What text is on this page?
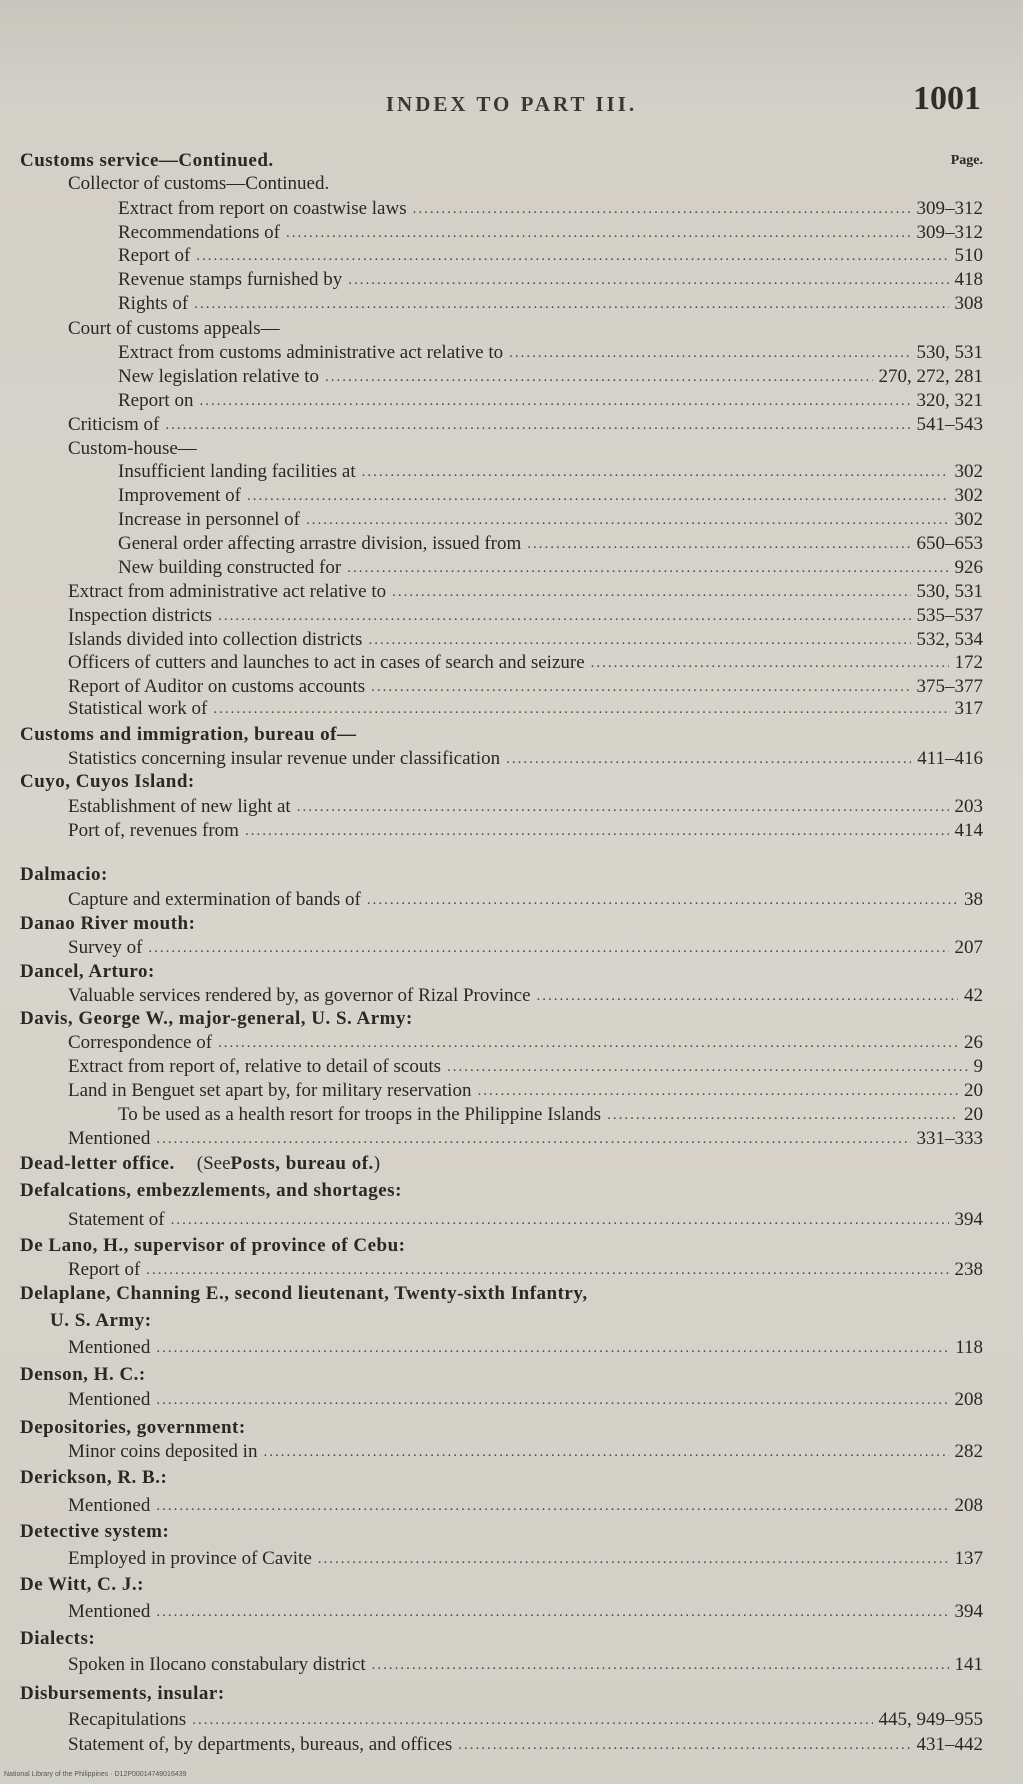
INDEX TO PART III.	1001
Customs service—Continued.	Page.
Collector of customs—Continued.
Extract from report on coastwise laws .....	309–312
Recommendations of .....	309–312
Report of .....	510
Revenue stamps furnished by .....	418
Rights of .....	308
Court of customs appeals—
Extract from customs administrative act relative to .....	530, 531
New legislation relative to .....	270, 272, 281
Report on .....	320, 321
Criticism of .....	541–543
Custom-house—
Insufficient landing facilities at .....	302
Improvement of .....	302
Increase in personnel of .....	302
General order affecting arrastre division, issued from .....	650–653
New building constructed for .....	926
Extract from administrative act relative to .....	530, 531
Inspection districts .....	535–537
Islands divided into collection districts .....	532, 534
Officers of cutters and launches to act in cases of search and seizure .....	172
Report of Auditor on customs accounts .....	375–377
Statistical work of .....	317
Customs and immigration, bureau of—
Statistics concerning insular revenue under classification .....	411–416
Cuyo, Cuyos Island:
Establishment of new light at .....	203
Port of, revenues from .....	414
Dalmacio:
Capture and extermination of bands of .....	38
Danao River mouth:
Survey of .....	207
Dancel, Arturo:
Valuable services rendered by, as governor of Rizal Province .....	42
Davis, George W., major-general, U. S. Army:
Correspondence of .....	26
Extract from report of, relative to detail of scouts .....	9
Land in Benguet set apart by, for military reservation .....	20
To be used as a health resort for troops in the Philippine Islands .....	20
Mentioned .....	331–333
Dead-letter office. (See Posts, bureau of. )
Defalcations, embezzlements, and shortages:
Statement of .....	394
De Lano, H., supervisor of province of Cebu:
Report of .....	238
Delaplane, Channing E., second lieutenant, Twenty-sixth Infantry,
U. S. Army:
Mentioned .....	118
Denson, H. C.:
Mentioned .....	208
Depositories, government:
Minor coins deposited in .....	282
Derickson, R. B.:
Mentioned .....	208
Detective system:
Employed in province of Cavite .....	137
De Witt, C. J.:
Mentioned .....	394
Dialects:
Spoken in Ilocano constabulary district .....	141
Disbursements, insular:
Recapitulations .....	445, 949–955
Statement of, by departments, bureaus, and offices .....	431–442
National Library of the Philippines · D12P00014749016439
